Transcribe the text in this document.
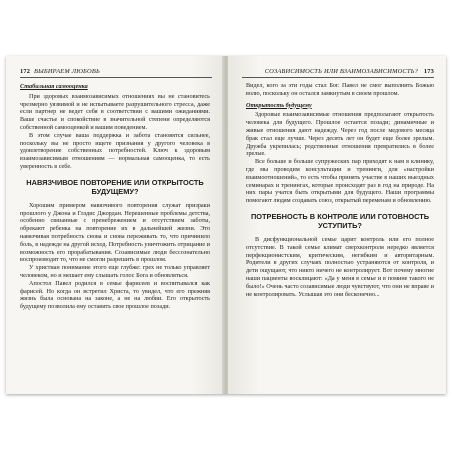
172 ВЫБИРАЕМ ЛЮБОВЬ
Стабильная самооценка

При здоровых взаимозависимых отношениях вы не становитесь чрезмерно уязвимой и не испытываете разрушительного стресса, даже если партнер не ведет себя в соответствии с вашими ожиданиями. Ваше счастье и спокойствие в значительной степени определяются собственной самооценкой и вашим поведением.

В этом случае ваша поддержка и забота становятся сильнее, поскольку вы не просто ищете признания у другого человека в удовлетворение собственных потребностей. Ключ к здоровым взаимозависимым отношениям — нормальная самооценка, то есть уверенность в себе.

НАВЯЗЧИВОЕ ПОВТОРЕНИЕ ИЛИ ОТКРЫТОСТЬ БУДУЩЕМУ?

Хорошим примером навязчивого повторения служат призраки прошлого у Джона и Глэдис Джордан. Нерешенные проблемы детства, особенно связанные с пренебрежением и отсутствием заботы, обрекают ребенка на повторение их в дальнейшей жизни. Это навязчивая потребность снова и снова переживать то, что причинило боль, в надежде на другой исход. Потребность уничтожить отрицание и возможность его прорабатывания. Созависимые люди бессознательно воспроизводят то, что не смогли разрешить в прошлом.

У христиан понимание этого еще глубже: грех не только управляет человеком, но и мешает ему слышать голос Бога и обновляться.

Апостол Павел родился в семье фарисеев и воспитывался как фарисей. Но когда он встретил Христа, то увидел, что его прежняя жизнь была основана на законе, а не на любви. Его открытость будущему позволила ему оставить свое прошлое позади.

СОЗАВИСИМОСТЬ ИЛИ ВЗАИМОЗАВИСИМОСТЬ? 173

Видел, кого за эти годы стал Бог. Павел не смог выполнить Божью волю, поскольку он остался замкнутым в своем прошлом.

Открытость будущему

Здоровые взаимозависимые отношения предполагают открытость человека для будущего. Прошлое остается позади; динамичные и живые отношения дают надежду. Через год после медового месяца брак стал еще лучше. Через десять лет он будет еще более зрелым. Дружба укрепилась; родственные отношения превратились в более зрелые.

Все больше и больше супружеских пар приходят к нам в клинику, где мы проводим консультации и тренинги, для «настройки взаимоотношений», то есть чтобы принять участие в наших выездных семинарах и тренингах, которые происходят раз в год на природе. На них пары учатся быть открытыми для будущего. Наши программы помогают людям создавать союз, открытый переменам и обновлению.

ПОТРЕБНОСТЬ В КОНТРОЛЕ ИЛИ ГОТОВНОСТЬ УСТУПИТЬ?

В дисфункциональной семье царит контроль или его полное отсутствие. В такой семье климат сверхконтроля нередко является перфекционистским, критическим, негибким и авторитарным. Родители в других случаях полностью устраняются от контроля, и дети ощущают, что никто ничего не контролирует. Вот почему многие наши пациенты восклицают: «Да у меня в семье и в помине такого не было!» Очень часто созависимые люди чувствуют, что они не вправе и не контролировать. Услышав это они бесконечно...
